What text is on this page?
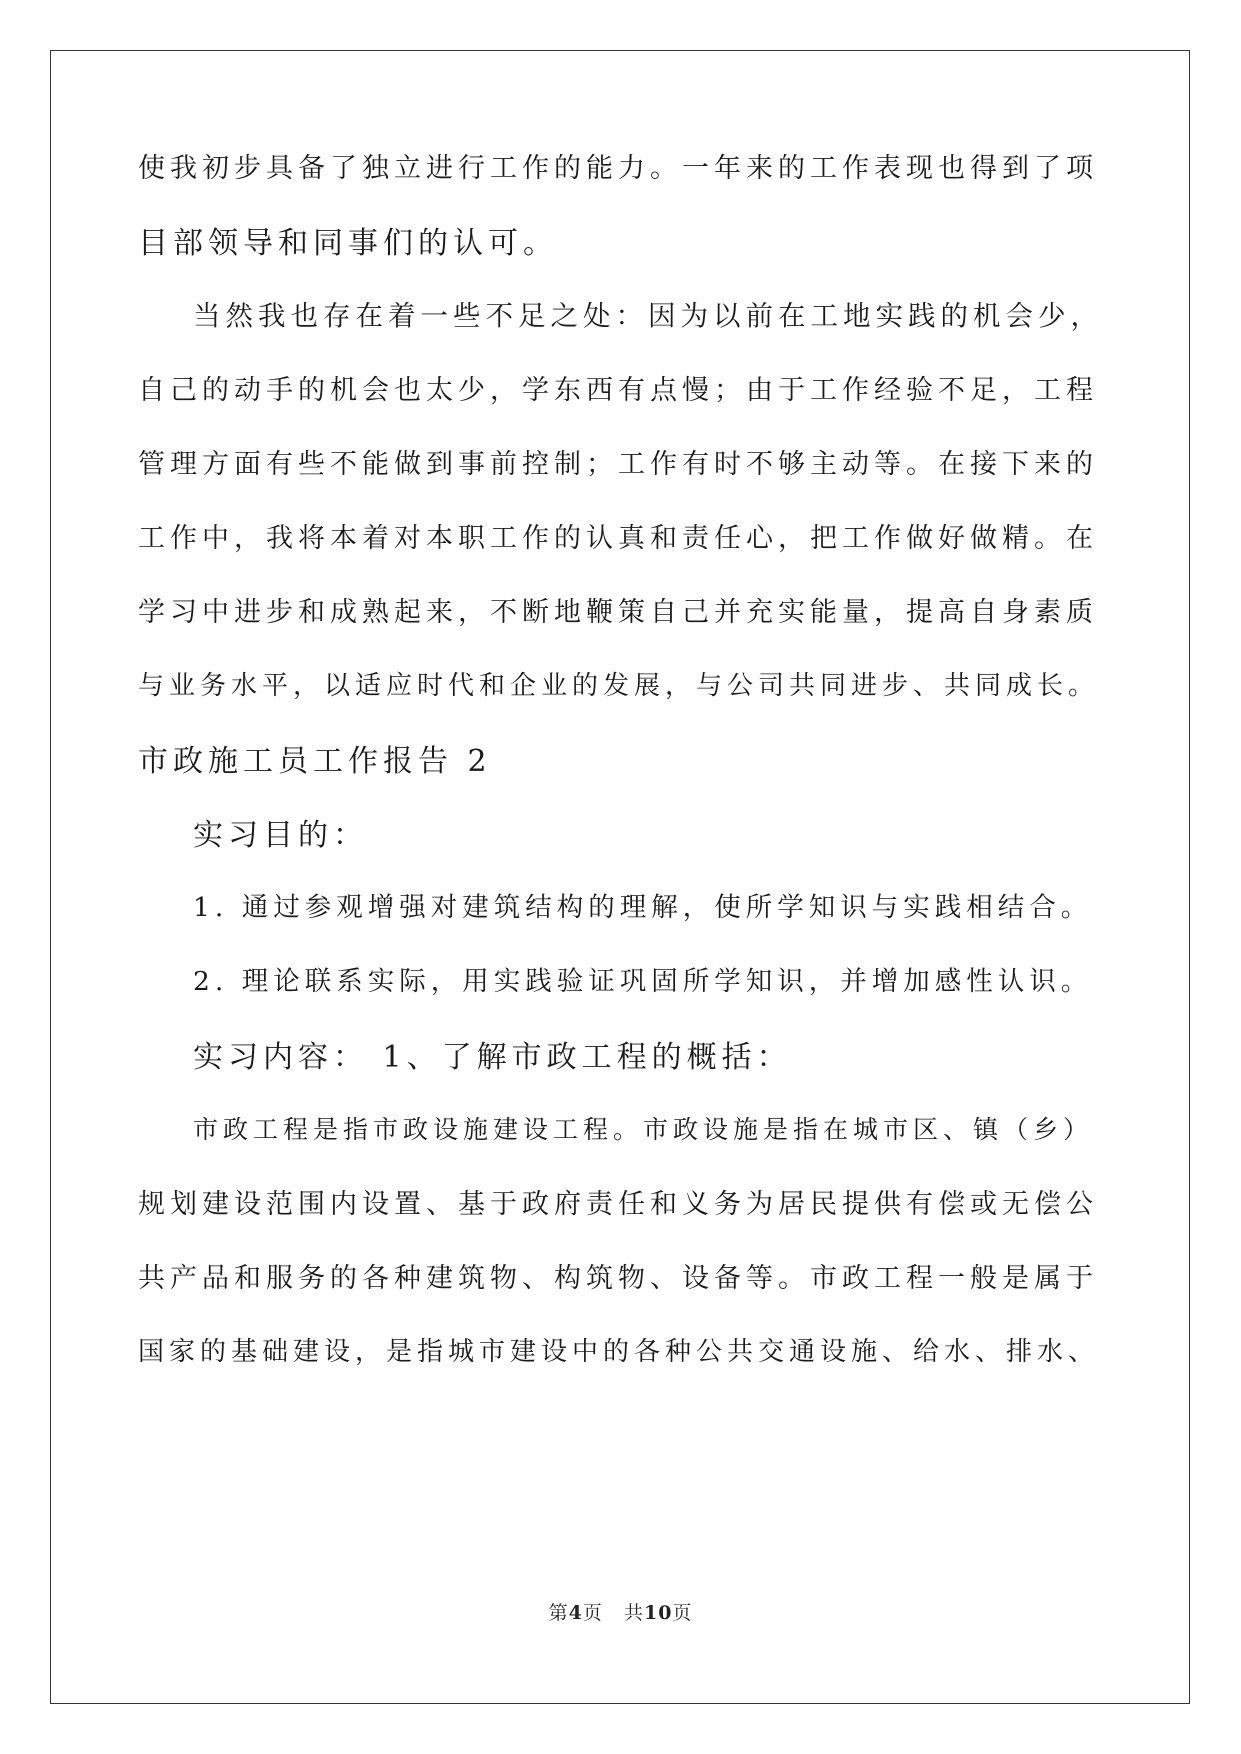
使我初步具备了独立进行工作的能力。一年来的工作表现也得到了项
目部领导和同事们的认可。
当然我也存在着一些不足之处：因为以前在工地实践的机会少，
自己的动手的机会也太少，学东西有点慢；由于工作经验不足，工程
管理方面有些不能做到事前控制；工作有时不够主动等。在接下来的
工作中，我将本着对本职工作的认真和责任心，把工作做好做精。在
学习中进步和成熟起来，不断地鞭策自己并充实能量，提高自身素质
与业务水平，以适应时代和企业的发展，与公司共同进步、共同成长。
市政施工员工作报告 2
实习目的：
1. 通过参观增强对建筑结构的理解，使所学知识与实践相结合。
2. 理论联系实际，用实践验证巩固所学知识，并增加感性认识。
实习内容： 1、了解市政工程的概括：
市政工程是指市政设施建设工程。市政设施是指在城市区、镇（乡）
规划建设范围内设置、基于政府责任和义务为居民提供有偿或无偿公
共产品和服务的各种建筑物、构筑物、设备等。市政工程一般是属于
国家的基础建设，是指城市建设中的各种公共交通设施、给水、排水、
第4页 共10页
